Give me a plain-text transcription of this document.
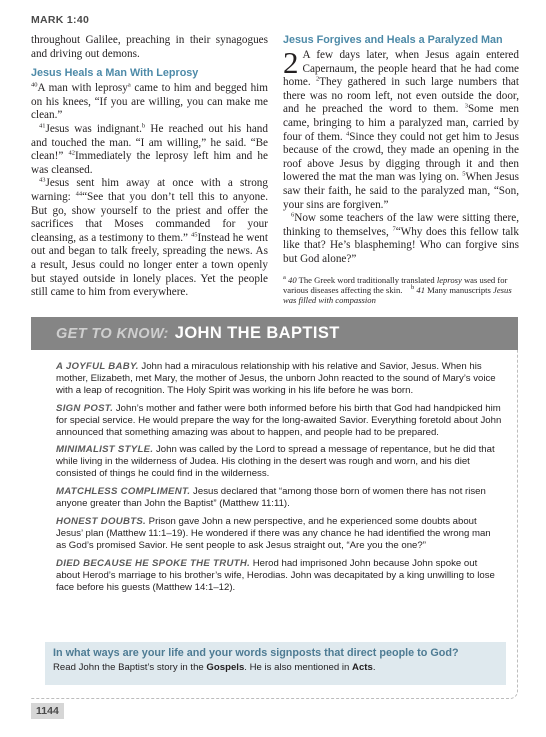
MARK 1:40

throughout Galilee, preaching in their synagogues and driving out demons.

Jesus Heals a Man With Leprosy

$^{40}$A man with leprosy$^a$ came to him and begged him on his knees, “If you are willing, you can make me clean.”

$^{41}$Jesus was indignant.$^b$ He reached out his hand and touched the man. “I am willing,” he said. “Be clean!” $^{42}$Immediately the leprosy left him and he was cleansed.

$^{43}$Jesus sent him away at once with a strong warning: $^{44}$“See that you don’t tell this to anyone. But go, show yourself to the priest and offer the sacrifices that Moses commanded for your cleansing, as a testimony to them.” $^{45}$Instead he went out and began to talk freely, spreading the news. As a result, Jesus could no longer enter a town openly but stayed outside in lonely places. Yet the people still came to him from everywhere.

Jesus Forgives and Heals a Paralyzed Man

2 A few days later, when Jesus again entered Capernaum, the people heard that he had come home. $^2$They gathered in such large numbers that there was no room left, not even outside the door, and he preached the word to them. $^3$Some men came, bringing to him a paralyzed man, carried by four of them. $^4$Since they could not get him to Jesus because of the crowd, they made an opening in the roof above Jesus by digging through it and then lowered the mat the man was lying on. $^5$When Jesus saw their faith, he said to the paralyzed man, “Son, your sins are forgiven.”

$^6$Now some teachers of the law were sitting there, thinking to themselves, $^7$“Why does this fellow talk like that? He’s blaspheming! Who can forgive sins but God alone?”

$^a$ 40 The Greek word traditionally translated leprosy was used for various diseases affecting the skin. $^b$ 41 Many manuscripts Jesus was filled with compassion
GET TO KNOW: JOHN THE BAPTIST

A JOYFUL BABY. John had a miraculous relationship with his relative and Savior, Jesus. When his mother, Elizabeth, met Mary, the mother of Jesus, the unborn John reacted to the sound of Mary’s voice with a leap of recognition. The Holy Spirit was working in his life before he was born.

SIGN POST. John’s mother and father were both informed before his birth that God had handpicked him for special service. He would prepare the way for the long-awaited Savior. Everything foretold about John announced that something amazing was about to happen, and people had to be prepared.

MINIMALIST STYLE. John was called by the Lord to spread a message of repentance, but he did that while living in the wilderness of Judea. His clothing in the desert was rough and worn, and his diet consisted of things he could find in the wilderness.

MATCHLESS COMPLIMENT. Jesus declared that “among those born of women there has not risen anyone greater than John the Baptist” (Matthew 11:11).

HONEST DOUBTS. Prison gave John a new perspective, and he experienced some doubts about Jesus’ plan (Matthew 11:1–19). He wondered if there was any chance he had identified the wrong man as God’s promised Savior. He sent people to ask Jesus straight out, “Are you the one?”

DIED BECAUSE HE SPOKE THE TRUTH. Herod had imprisoned John because John spoke out about Herod’s marriage to his brother’s wife, Herodias. John was decapitated by a king unwilling to lose face before his guests (Matthew 14:1–12).

In what ways are your life and your words signposts that direct people to God?
Read John the Baptist’s story in the Gospels. He is also mentioned in Acts.
1144
